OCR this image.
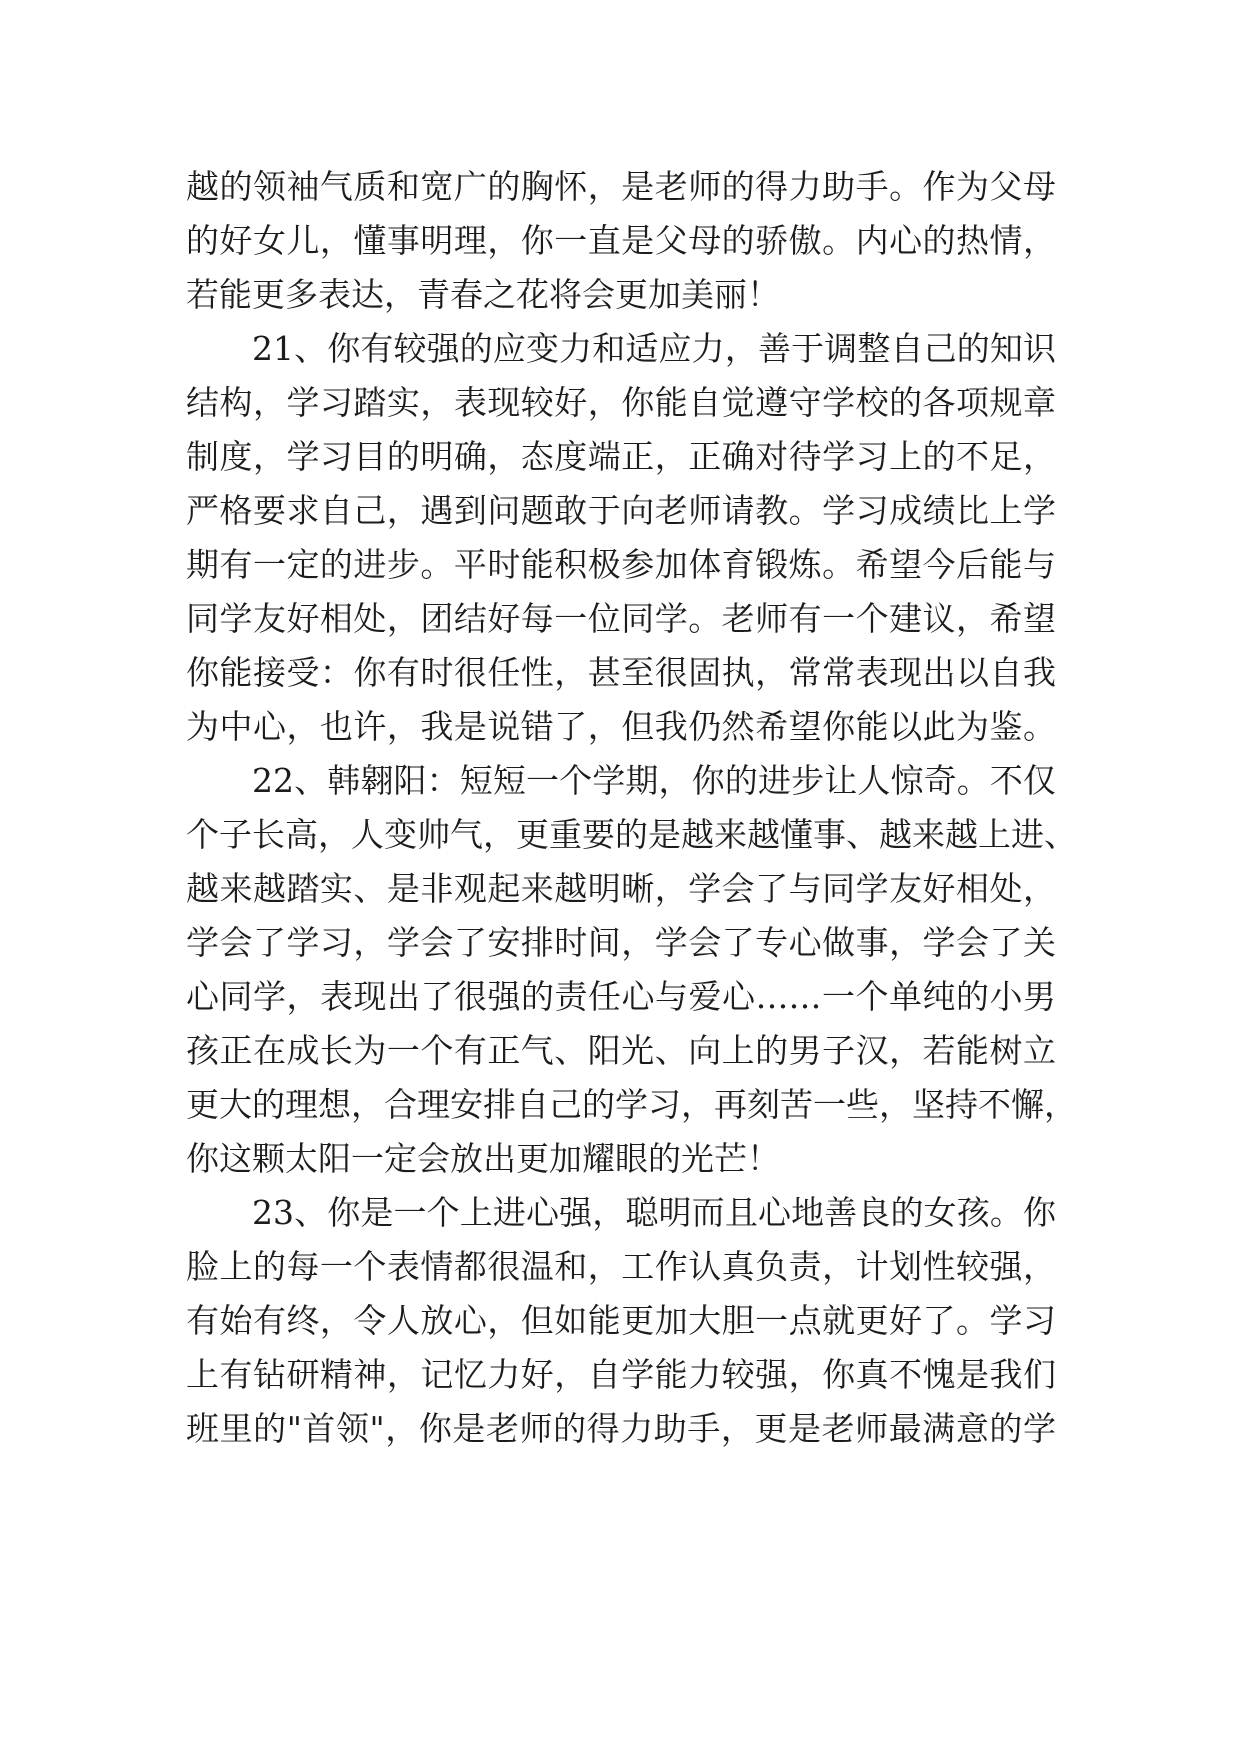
越的领袖气质和宽广的胸怀，是老师的得力助手。作为父母
的好女儿，懂事明理，你一直是父母的骄傲。内心的热情，
若能更多表达，青春之花将会更加美丽！
21、你有较强的应变力和适应力，善于调整自己的知识
结构，学习踏实，表现较好，你能自觉遵守学校的各项规章
制度，学习目的明确，态度端正，正确对待学习上的不足，
严格要求自己，遇到问题敢于向老师请教。学习成绩比上学
期有一定的进步。平时能积极参加体育锻炼。希望今后能与
同学友好相处，团结好每一位同学。老师有一个建议，希望
你能接受：你有时很任性，甚至很固执，常常表现出以自我
为中心，也许，我是说错了，但我仍然希望你能以此为鉴。
22、韩翱阳：短短一个学期，你的进步让人惊奇。不仅
个子长高，人变帅气，更重要的是越来越懂事、越来越上进、
越来越踏实、是非观起来越明晰，学会了与同学友好相处，
学会了学习，学会了安排时间，学会了专心做事，学会了关
心同学，表现出了很强的责任心与爱心……一个单纯的小男
孩正在成长为一个有正气、阳光、向上的男子汉，若能树立
更大的理想，合理安排自己的学习，再刻苦一些，坚持不懈，
你这颗太阳一定会放出更加耀眼的光芒！
23、你是一个上进心强，聪明而且心地善良的女孩。你
脸上的每一个表情都很温和，工作认真负责，计划性较强，
有始有终，令人放心，但如能更加大胆一点就更好了。学习
上有钻研精神，记忆力好，自学能力较强，你真不愧是我们
班里的"首领"，你是老师的得力助手，更是老师最满意的学
